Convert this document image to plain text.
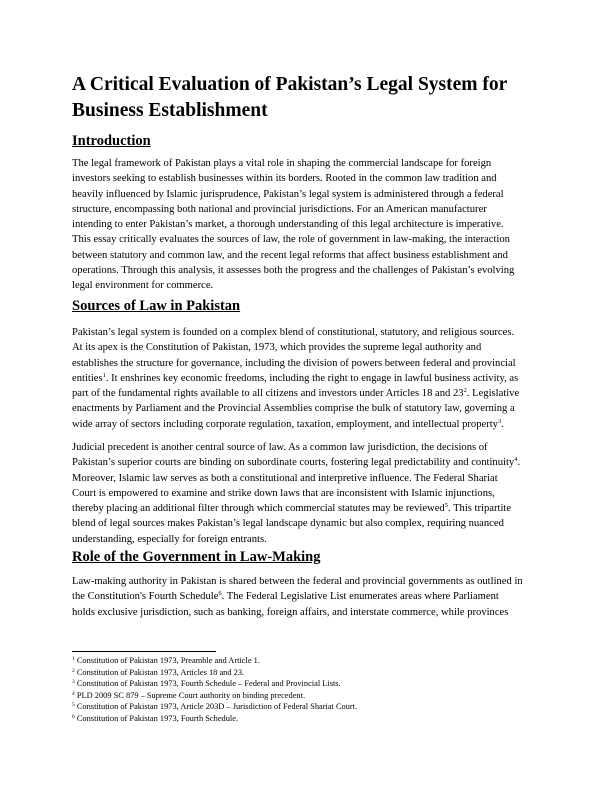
A Critical Evaluation of Pakistan’s Legal System for
Business Establishment
Introduction
The legal framework of Pakistan plays a vital role in shaping the commercial landscape for foreign
investors seeking to establish businesses within its borders. Rooted in the common law tradition and
heavily influenced by Islamic jurisprudence, Pakistan’s legal system is administered through a federal
structure, encompassing both national and provincial jurisdictions. For an American manufacturer
intending to enter Pakistan’s market, a thorough understanding of this legal architecture is imperative.
This essay critically evaluates the sources of law, the role of government in law-making, the interaction
between statutory and common law, and the recent legal reforms that affect business establishment and
operations. Through this analysis, it assesses both the progress and the challenges of Pakistan’s evolving
legal environment for commerce.
Sources of Law in Pakistan
Pakistan’s legal system is founded on a complex blend of constitutional, statutory, and religious sources.
At its apex is the Constitution of Pakistan, 1973, which provides the supreme legal authority and
establishes the structure for governance, including the division of powers between federal and provincial
entities$^1$. It enshrines key economic freedoms, including the right to engage in lawful business activity, as
part of the fundamental rights available to all citizens and investors under Articles 18 and $23^2$. Legislative
enactments by Parliament and the Provincial Assemblies comprise the bulk of statutory law, governing a
wide array of sectors including corporate regulation, taxation, employment, and intellectual property$^3$.
Judicial precedent is another central source of law. As a common law jurisdiction, the decisions of
Pakistan’s superior courts are binding on subordinate courts, fostering legal predictability and continuity$^4$.
Moreover, Islamic law serves as both a constitutional and interpretive influence. The Federal Shariat
Court is empowered to examine and strike down laws that are inconsistent with Islamic injunctions,
thereby placing an additional filter through which commercial statutes may be reviewed$^5$. This tripartite
blend of legal sources makes Pakistan’s legal landscape dynamic but also complex, requiring nuanced
understanding, especially for foreign entrants.
Role of the Government in Law-Making
Law-making authority in Pakistan is shared between the federal and provincial governments as outlined in
the Constitution's Fourth Schedule$^6$. The Federal Legislative List enumerates areas where Parliament
holds exclusive jurisdiction, such as banking, foreign affairs, and interstate commerce, while provinces
$^1$ Constitution of Pakistan 1973, Preamble and Article 1.
$^2$ Constitution of Pakistan 1973, Articles 18 and 23.
$^3$ Constitution of Pakistan 1973, Fourth Schedule – Federal and Provincial Lists.
$^4$ PLD 2009 SC 879 – Supreme Court authority on binding precedent.
$^5$ Constitution of Pakistan 1973, Article 203D – Jurisdiction of Federal Shariat Court.
$^6$ Constitution of Pakistan 1973, Fourth Schedule.
